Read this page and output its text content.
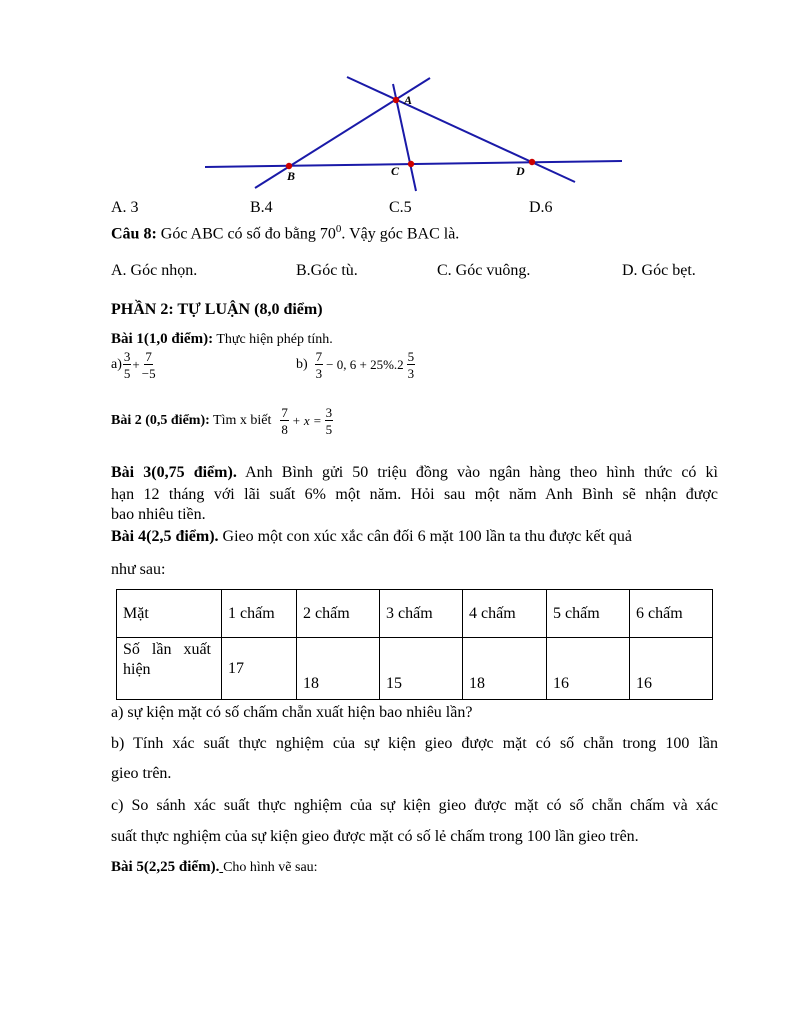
A
B	C	D
A. 3	B.4	C.5	D.6
Câu 8: Góc ABC có số đo bằng $70^0$. Vậy góc BAC là.
A. Góc nhọn.	B.Góc tù.	C. Góc vuông.	D. Góc bẹt.
PHẦN 2: TỰ LUẬN (8,0 điểm)
Bài 1(1,0 điểm): Thực hiện phép tính.
$a) \frac{3}{5} + \frac{7}{-5}$	$b) \frac{7}{3} - 0$, $6 + 25\%.2 \frac{5}{3}$
Bài 2 (0,5 điểm): Tìm x biết $\frac{7}{8} + x = \frac{3}{5}$
Bài 3(0,75 điểm). Anh Bình gửi 50 triệu đồng vào ngân hàng theo hình thức có kì
hạn 12 tháng với lãi suất 6% một năm. Hỏi sau một năm Anh Bình sẽ nhận được
bao nhiêu tiền.
Bài 4(2,5 điểm). Gieo một con xúc xắc cân đối 6 mặt 100 lần ta thu được kết quả
như sau:
Mặt	1 chấm	2 chấm	3 chấm	4 chấm	5 chấm	6 chấm
Số   lần   xuất
hiện	17	18	15	18	16	16
a) sự kiện mặt có số chấm chẵn xuất hiện bao nhiêu lần?
b) Tính xác suất thực nghiệm của sự kiện gieo được mặt có số chẵn trong 100 lần
gieo trên.
c) So sánh xác suất thực nghiệm của sự kiện gieo được mặt có số chẵn chấm và xác
suất thực nghiệm của sự kiện gieo được mặt có số lẻ chấm trong 100 lần gieo trên.
Bài 5(2,25 điểm). Cho hình vẽ sau:
